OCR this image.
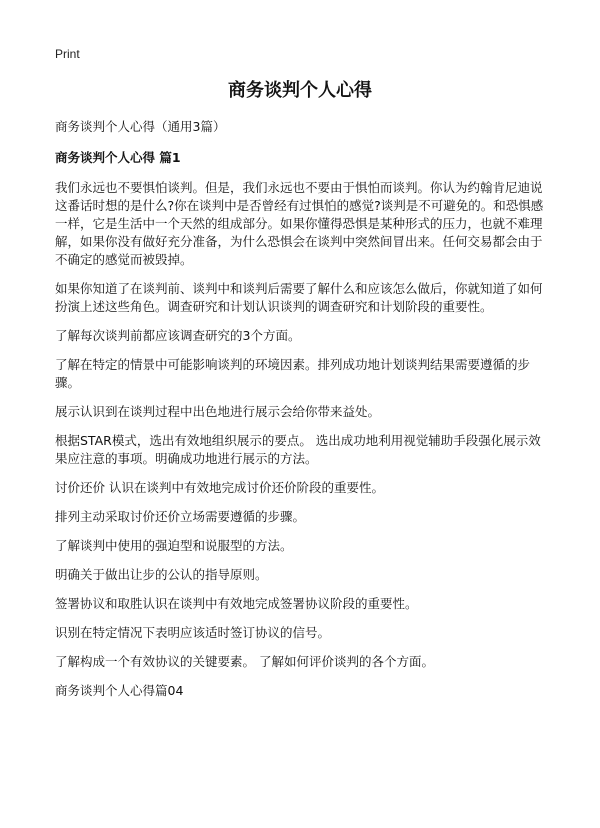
Print
商务谈判个人心得

商务谈判个人心得（通用3篇）

商务谈判个人心得 篇1

我们永远也不要惧怕谈判。但是，我们永远也不要由于惧怕而谈判。你认为约翰肯尼迪说这番话时想的是什么?你在谈判中是否曾经有过惧怕的感觉?谈判是不可避免的。和恐惧感一样，它是生活中一个天然的组成部分。如果你懂得恐惧是某种形式的压力，也就不难理解，如果你没有做好充分准备，为什么恐惧会在谈判中突然间冒出来。任何交易都会由于不确定的感觉而被毁掉。

如果你知道了在谈判前、谈判中和谈判后需要了解什么和应该怎么做后，你就知道了如何扮演上述这些角色。调查研究和计划认识谈判的调查研究和计划阶段的重要性。

了解每次谈判前都应该调查研究的3个方面。

了解在特定的情景中可能影响谈判的环境因素。排列成功地计划谈判结果需要遵循的步骤。

展示认识到在谈判过程中出色地进行展示会给你带来益处。

根据STAR模式，选出有效地组织展示的要点。 选出成功地利用视觉辅助手段强化展示效果应注意的事项。明确成功地进行展示的方法。

讨价还价 认识在谈判中有效地完成讨价还价阶段的重要性。

排列主动采取讨价还价立场需要遵循的步骤。

了解谈判中使用的强迫型和说服型的方法。

明确关于做出让步的公认的指导原则。

签署协议和取胜认识在谈判中有效地完成签署协议阶段的重要性。

识别在特定情况下表明应该适时签订协议的信号。

了解构成一个有效协议的关键要素。 了解如何评价谈判的各个方面。

商务谈判个人心得篇04
